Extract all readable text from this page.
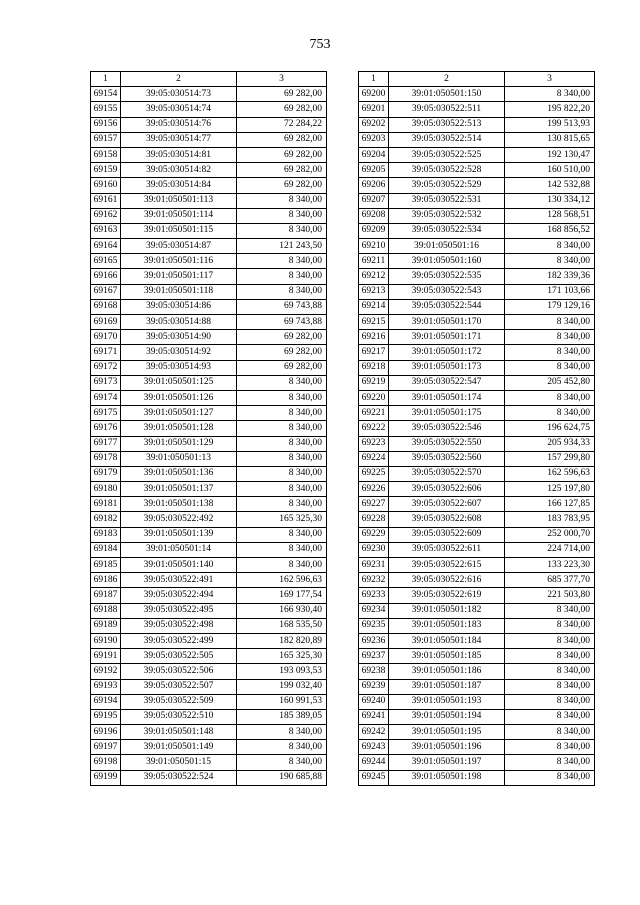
753
1	2	3
69154	39:05:030514:73	69 282,00
69155	39:05:030514:74	69 282,00
69156	39:05:030514:76	72 284,22
69157	39:05:030514:77	69 282,00
69158	39:05:030514:81	69 282,00
69159	39:05:030514:82	69 282,00
69160	39:05:030514:84	69 282,00
69161	39:01:050501:113	8 340,00
69162	39:01:050501:114	8 340,00
69163	39:01:050501:115	8 340,00
69164	39:05:030514:87	121 243,50
69165	39:01:050501:116	8 340,00
69166	39:01:050501:117	8 340,00
69167	39:01:050501:118	8 340,00
69168	39:05:030514:86	69 743,88
69169	39:05:030514:88	69 743,88
69170	39:05:030514:90	69 282,00
69171	39:05:030514:92	69 282,00
69172	39:05:030514:93	69 282,00
69173	39:01:050501:125	8 340,00
69174	39:01:050501:126	8 340,00
69175	39:01:050501:127	8 340,00
69176	39:01:050501:128	8 340,00
69177	39:01:050501:129	8 340,00
69178	39:01:050501:13	8 340,00
69179	39:01:050501:136	8 340,00
69180	39:01:050501:137	8 340,00
69181	39:01:050501:138	8 340,00
69182	39:05:030522:492	165 325,30
69183	39:01:050501:139	8 340,00
69184	39:01:050501:14	8 340,00
69185	39:01:050501:140	8 340,00
69186	39:05:030522:491	162 596,63
69187	39:05:030522:494	169 177,54
69188	39:05:030522:495	166 930,40
69189	39:05:030522:498	168 535,50
69190	39:05:030522:499	182 820,89
69191	39:05:030522:505	165 325,30
69192	39:05:030522:506	193 093,53
69193	39:05:030522:507	199 032,40
69194	39:05:030522:509	160 991,53
69195	39:05:030522:510	185 389,05
69196	39:01:050501:148	8 340,00
69197	39:01:050501:149	8 340,00
69198	39:01:050501:15	8 340,00
69199	39:05:030522:524	190 685,88
1	2	3
69200	39:01:050501:150	8 340,00
69201	39:05:030522:511	195 822,20
69202	39:05:030522:513	199 513,93
69203	39:05:030522:514	130 815,65
69204	39:05:030522:525	192 130,47
69205	39:05:030522:528	160 510,00
69206	39:05:030522:529	142 532,88
69207	39:05:030522:531	130 334,12
69208	39:05:030522:532	128 568,51
69209	39:05:030522:534	168 856,52
69210	39:01:050501:16	8 340,00
69211	39:01:050501:160	8 340,00
69212	39:05:030522:535	182 339,36
69213	39:05:030522:543	171 103,66
69214	39:05:030522:544	179 129,16
69215	39:01:050501:170	8 340,00
69216	39:01:050501:171	8 340,00
69217	39:01:050501:172	8 340,00
69218	39:01:050501:173	8 340,00
69219	39:05:030522:547	205 452,80
69220	39:01:050501:174	8 340,00
69221	39:01:050501:175	8 340,00
69222	39:05:030522:546	196 624,75
69223	39:05:030522:550	205 934,33
69224	39:05:030522:560	157 299,80
69225	39:05:030522:570	162 596,63
69226	39:05:030522:606	125 197,80
69227	39:05:030522:607	166 127,85
69228	39:05:030522:608	183 783,95
69229	39:05:030522:609	252 000,70
69230	39:05:030522:611	224 714,00
69231	39:05:030522:615	133 223,30
69232	39:05:030522:616	685 377,70
69233	39:05:030522:619	221 503,80
69234	39:01:050501:182	8 340,00
69235	39:01:050501:183	8 340,00
69236	39:01:050501:184	8 340,00
69237	39:01:050501:185	8 340,00
69238	39:01:050501:186	8 340,00
69239	39:01:050501:187	8 340,00
69240	39:01:050501:193	8 340,00
69241	39:01:050501:194	8 340,00
69242	39:01:050501:195	8 340,00
69243	39:01:050501:196	8 340,00
69244	39:01:050501:197	8 340,00
69245	39:01:050501:198	8 340,00
